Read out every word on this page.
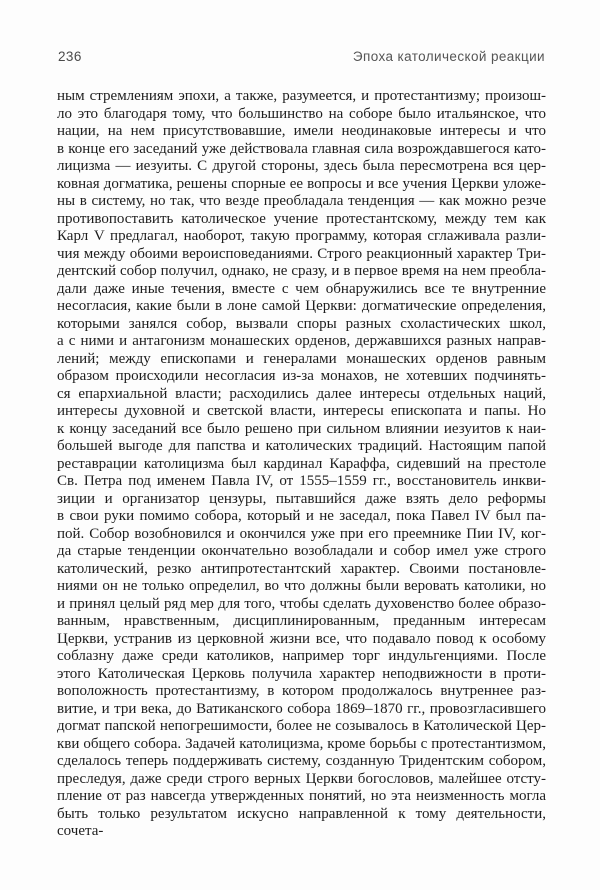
236	Эпоха католической реакции
ным стремлениям эпохи, а также, разумеется, и протестантизму; произош-
ло это благодаря тому, что большинство на соборе было итальянское, что
нации, на нем присутствовавшие, имели неодинаковые интересы и что
в конце его заседаний уже действовала главная сила возрождавшегося като-
лицизма — иезуиты. С другой стороны, здесь была пересмотрена вся цер-
ковная догматика, решены спорные ее вопросы и все учения Церкви уложе-
ны в систему, но так, что везде преобладала тенденция — как можно резче
противопоставить католическое учение протестантскому, между тем как
Карл V предлагал, наоборот, такую программу, которая сглаживала разли-
чия между обоими вероисповеданиями. Строго реакционный характер Три-
дентский собор получил, однако, не сразу, и в первое время на нем преобла-
дали даже иные течения, вместе с чем обнаружились все те внутренние
несогласия, какие были в лоне самой Церкви: догматические определения,
которыми занялся собор, вызвали споры разных схоластических школ,
а с ними и антагонизм монашеских орденов, державшихся разных направ-
лений; между епископами и генералами монашеских орденов равным
образом происходили несогласия из-за монахов, не хотевших подчинять-
ся епархиальной власти; расходились далее интересы отдельных наций,
интересы духовной и светской власти, интересы епископата и папы. Но
к концу заседаний все было решено при сильном влиянии иезуитов к наи-
большей выгоде для папства и католических традиций. Настоящим папой
реставрации католицизма был кардинал Караффа, сидевший на престоле
Св. Петра под именем Павла IV, от 1555–1559 гг., восстановитель инкви-
зиции и организатор цензуры, пытавшийся даже взять дело реформы
в свои руки помимо собора, который и не заседал, пока Павел IV был па-
пой. Собор возобновился и окончился уже при его преемнике Пии IV, ког-
да старые тенденции окончательно возобладали и собор имел уже строго
католический, резко антипротестантский характер. Своими постановле-
ниями он не только определил, во что должны были веровать католики, но
и принял целый ряд мер для того, чтобы сделать духовенство более образо-
ванным, нравственным, дисциплинированным, преданным интересам
Церкви, устранив из церковной жизни все, что подавало повод к особому
соблазну даже среди католиков, например торг индульгенциями. После
этого Католическая Церковь получила характер неподвижности в проти-
воположность протестантизму, в котором продолжалось внутреннее раз-
витие, и три века, до Ватиканского собора 1869–1870 гг., провозгласившего
догмат папской непогрешимости, более не созывалось в Католической Цер-
кви общего собора. Задачей католицизма, кроме борьбы с протестантизмом,
сделалось теперь поддерживать систему, созданную Тридентским собором,
преследуя, даже среди строго верных Церкви богословов, малейшее отсту-
пление от раз навсегда утвержденных понятий, но эта неизменность могла
быть только результатом искусно направленной к тому деятельности, сочета-
